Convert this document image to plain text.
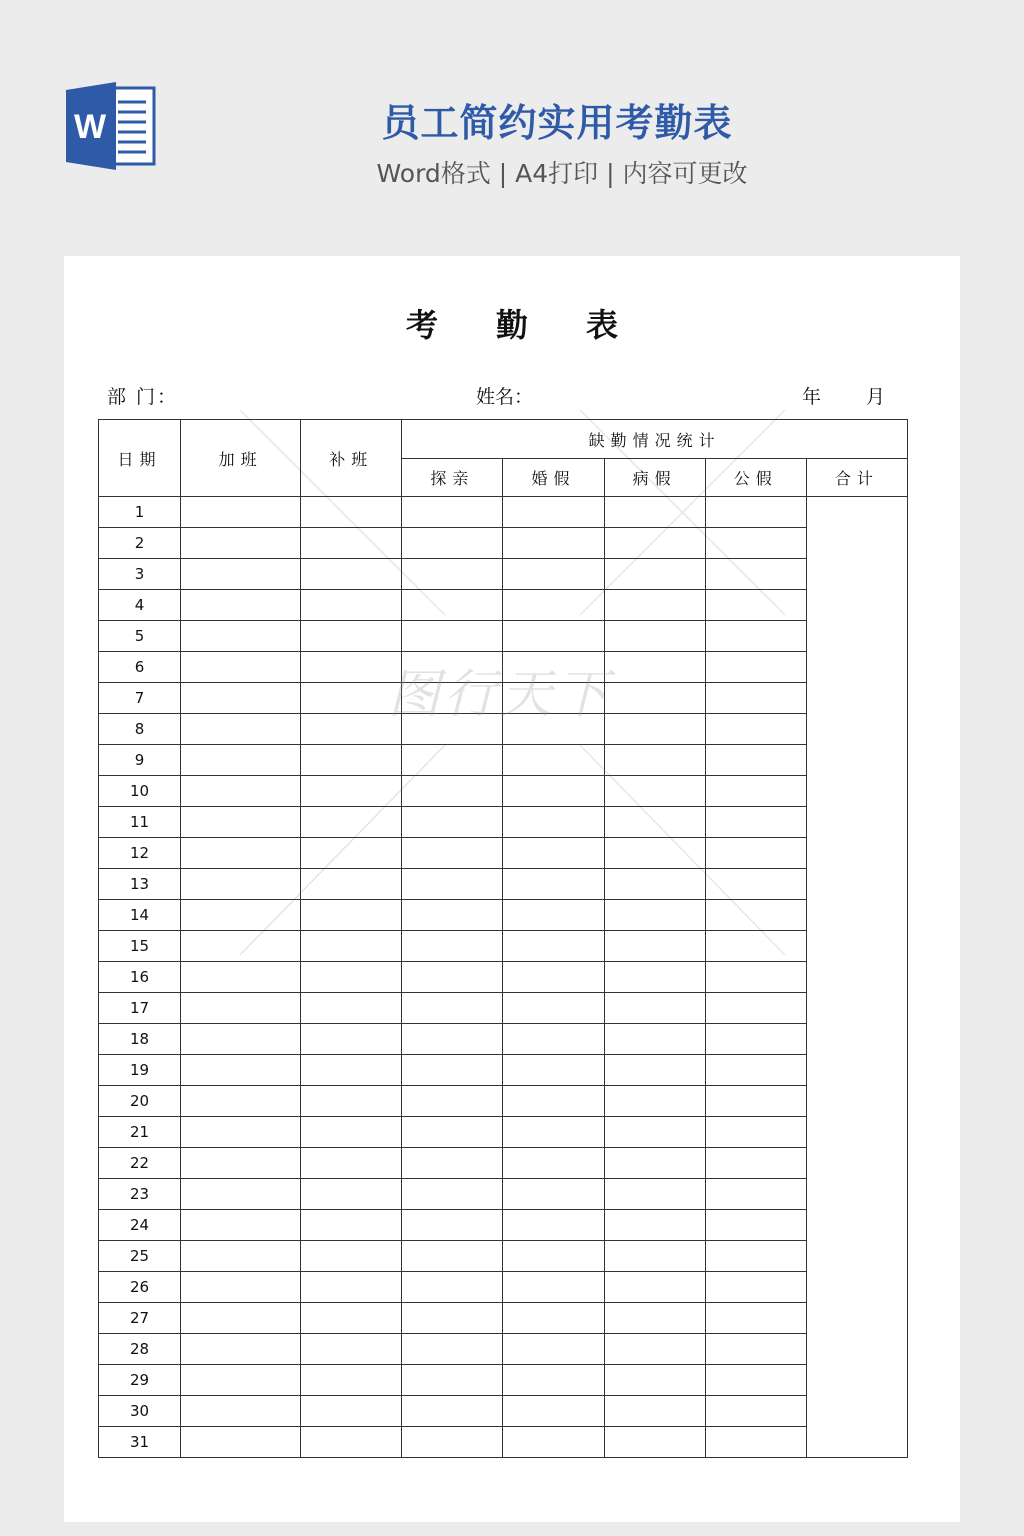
W	员工简约实用考勤表
Word格式 | A4打印 | 内容可更改
考勤表
部 门：	姓名：	年 月
日期	加班	补班	缺勤情况统计				
			探亲	婚假	病假	公假	合计
1							
2							
3							
4							
5							
6							
7							
8							
9							
10							
11							
12							
13							
14							
15							
16							
17							
18							
19							
20							
21							
22							
23							
24							
25							
26							
27							
28							
29							
30							
31							
图行天下
